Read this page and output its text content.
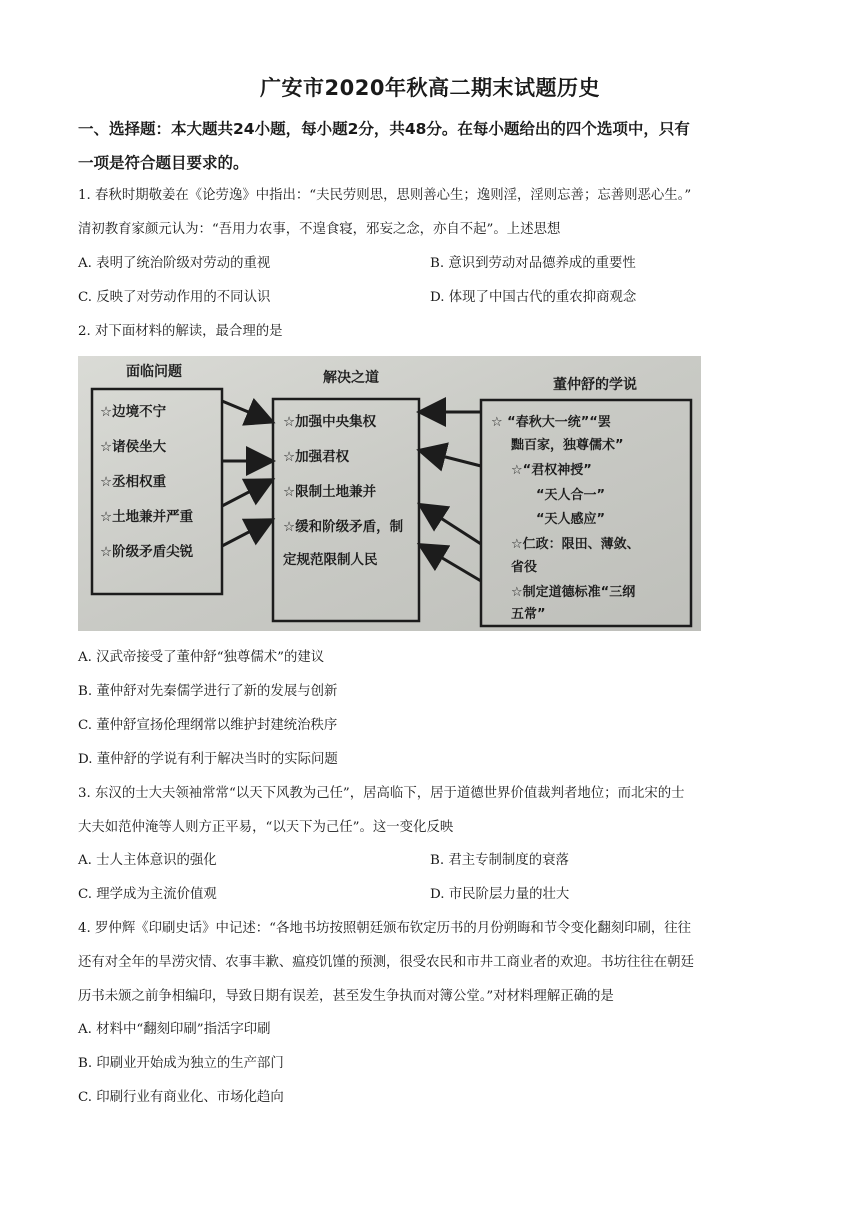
广安市2020年秋高二期末试题历史
一、选择题：本大题共24小题，每小题2分，共48分。在每小题给出的四个选项中，只有
一项是符合题目要求的。
1. 春秋时期敬姜在《论劳逸》中指出：“夫民劳则思，思则善心生；逸则淫，淫则忘善；忘善则恶心生。”
清初教育家颜元认为：“吾用力农事，不遑食寝，邪妄之念，亦自不起”。上述思想
A. 表明了统治阶级对劳动的重视	B. 意识到劳动对品德养成的重要性
C. 反映了对劳动作用的不同认识	D. 体现了中国古代的重农抑商观念
2. 对下面材料的解读，最合理的是
面临问题
☆边境不宁
☆诸侯坐大
☆丞相权重
☆土地兼并严重
☆阶级矛盾尖锐
解决之道
☆加强中央集权
☆加强君权
☆限制土地兼并
☆缓和阶级矛盾，制
定规范限制人民
董仲舒的学说
☆ “春秋大一统”“罢
黜百家，独尊儒术”
☆“君权神授”
“天人合一”
“天人感应”
☆仁政：限田、薄敛、
省役
☆制定道德标准“三纲
五常”
A. 汉武帝接受了董仲舒“独尊儒术”的建议
B. 董仲舒对先秦儒学进行了新的发展与创新
C. 董仲舒宣扬伦理纲常以维护封建统治秩序
D. 董仲舒的学说有利于解决当时的实际问题
3. 东汉的士大夫领袖常常“以天下风教为己任”，居高临下，居于道德世界价值裁判者地位；而北宋的士
大夫如范仲淹等人则方正平易，“以天下为己任”。这一变化反映
A. 士人主体意识的强化	B. 君主专制制度的衰落
C. 理学成为主流价值观	D. 市民阶层力量的壮大
4. 罗仲辉《印刷史话》中记述：“各地书坊按照朝廷颁布钦定历书的月份朔晦和节令变化翻刻印刷，往往
还有对全年的旱涝灾情、农事丰歉、瘟疫饥馑的预测，很受农民和市井工商业者的欢迎。书坊往往在朝廷
历书未颁之前争相编印，导致日期有误差，甚至发生争执而对簿公堂。”对材料理解正确的是
A. 材料中“翻刻印刷”指活字印刷
B. 印刷业开始成为独立的生产部门
C. 印刷行业有商业化、市场化趋向
